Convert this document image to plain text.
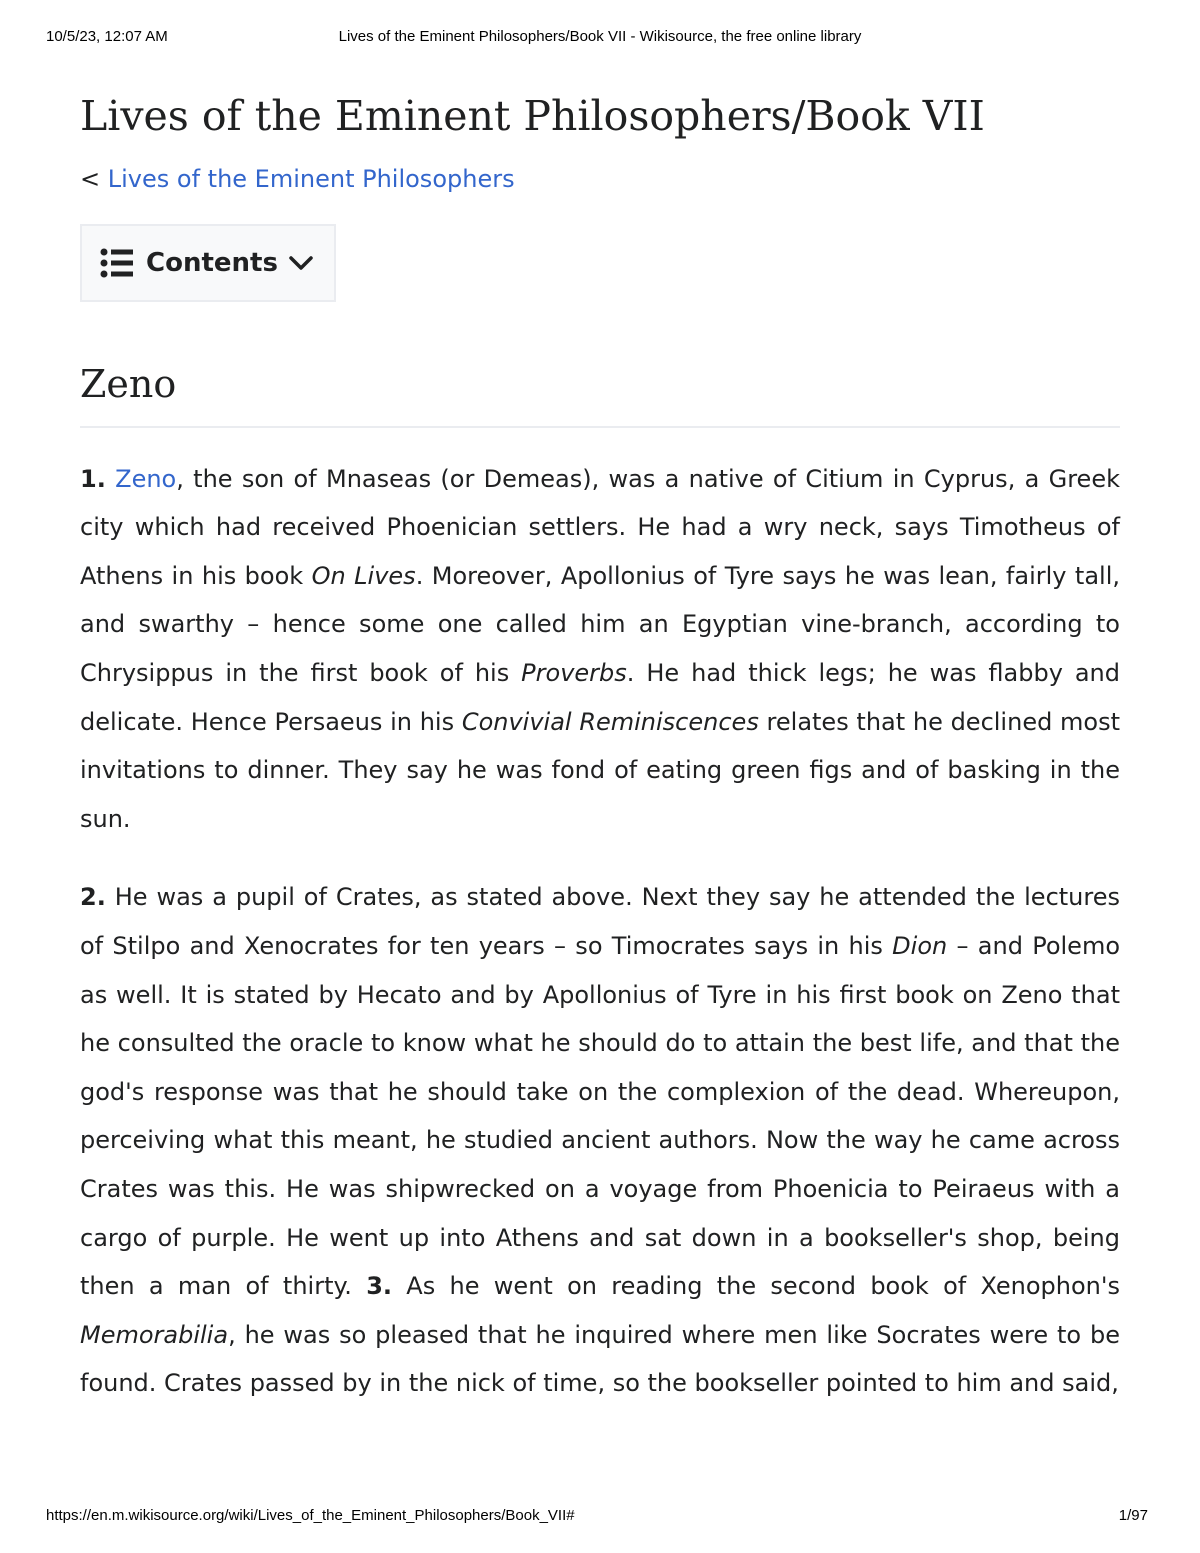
10/5/23, 12:07 AM	Lives of the Eminent Philosophers/Book VII - Wikisource, the free online library
Lives of the Eminent Philosophers/Book VII
< Lives of the Eminent Philosophers
Contents
Zeno

1. Zeno, the son of Mnaseas (or Demeas), was a native of Citium in Cyprus, a Greek city which had received Phoenician settlers. He had a wry neck, says Timotheus of Athens in his book On Lives. Moreover, Apollonius of Tyre says he was lean, fairly tall, and swarthy – hence some one called him an Egyptian vine-branch, according to Chrysippus in the first book of his Proverbs. He had thick legs; he was flabby and delicate. Hence Persaeus in his Convivial Reminiscences relates that he declined most invitations to dinner. They say he was fond of eating green figs and of basking in the sun.

2. He was a pupil of Crates, as stated above. Next they say he attended the lectures of Stilpo and Xenocrates for ten years – so Timocrates says in his Dion – and Polemo as well. It is stated by Hecato and by Apollonius of Tyre in his first book on Zeno that he consulted the oracle to know what he should do to attain the best life, and that the god's response was that he should take on the complexion of the dead. Whereupon, perceiving what this meant, he studied ancient authors. Now the way he came across Crates was this. He was shipwrecked on a voyage from Phoenicia to Peiraeus with a cargo of purple. He went up into Athens and sat down in a bookseller's shop, being then a man of thirty. 3. As he went on reading the second book of Xenophon's Memorabilia, he was so pleased that he inquired where men like Socrates were to be found. Crates passed by in the nick of time, so the bookseller pointed to him and said,

https://en.m.wikisource.org/wiki/Lives_of_the_Eminent_Philosophers/Book_VII#	1/97
